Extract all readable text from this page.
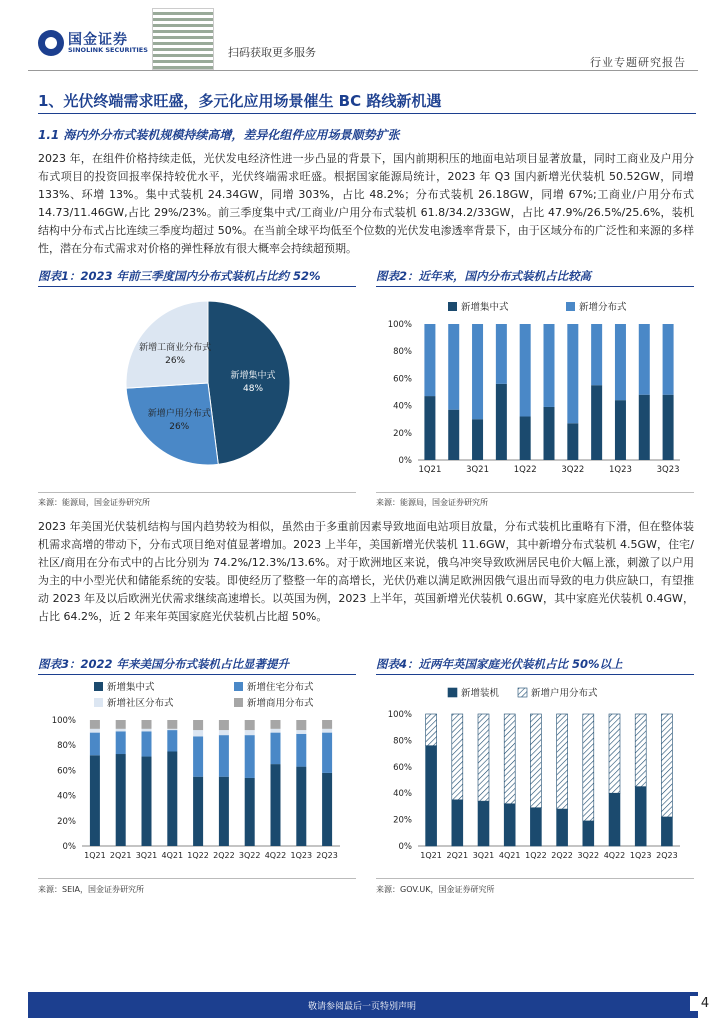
国金证券
SINOLINK SECURITIES	扫码获取更多服务
行业专题研究报告
1、光伏终端需求旺盛，多元化应用场景催生 BC 路线新机遇
1.1 海内外分布式装机规模持续高增，差异化组件应用场景顺势扩张
2023 年，在组件价格持续走低，光伏发电经济性进一步凸显的背景下，国内前期积压的地面电站项目显著放量，同时工商业及户用分布式项目的投资回报率保持较优水平，光伏终端需求旺盛。根据国家能源局统计，2023 年 Q3 国内新增光伏装机 50.52GW，同增 133%、环增 13%。集中式装机 24.34GW，同增 303%，占比 48.2%；分布式装机 26.18GW，同增 67%;工商业/户用分布式 14.73/11.46GW,占比 29%/23%。前三季度集中式/工商业/户用分布式装机 61.8/34.2/33GW，占比 47.9%/26.5%/25.6%，装机结构中分布式占比连续三季度均超过 50%。在当前全球平均低至个位数的光伏发电渗透率背景下，由于区域分布的广泛性和来源的多样性，潜在分布式需求对价格的弹性释放有很大概率会持续超预期。
图表1：2023 年前三季度国内分布式装机占比约 52%	图表2：近年来，国内分布式装机占比较高
新增集中式
48%
新增户用分布式
26%
新增工商业分布式
26%
0%
20%
40%
60%
80%
100%
1Q21	3Q21	1Q22	3Q22	1Q23	3Q23
新增集中式	新增分布式
来源：能源局，国金证券研究所	来源：能源局，国金证券研究所
2023 年美国光伏装机结构与国内趋势较为相似，虽然由于多重前因素导致地面电站项目放量，分布式装机比重略有下滑，但在整体装机需求高增的带动下，分布式项目绝对值显著增加。2023 上半年，美国新增光伏装机 11.6GW，其中新增分布式装机 4.5GW，住宅/社区/商用在分布式中的占比分别为 74.2%/12.3%/13.6%。对于欧洲地区来说，俄乌冲突导致欧洲居民电价大幅上涨，刺激了以户用为主的中小型光伏和储能系统的安装。即使经历了整整一年的高增长，光伏仍难以满足欧洲因俄气退出而导致的电力供应缺口，有望推动 2023 年及以后欧洲光伏需求继续高速增长。以英国为例，2023 上半年，英国新增光伏装机 0.6GW，其中家庭光伏装机 0.4GW，占比 64.2%，近 2 年来年英国家庭光伏装机占比超 50%。
图表3：2022 年来美国分布式装机占比显著提升	图表4：近两年英国家庭光伏装机占比 50%以上
0%
20%
40%
60%
80%
100%
1Q21 2Q21 3Q21 4Q21 1Q22 2Q22 3Q22 4Q22 1Q23 2Q23
新增集中式	新增住宅分布式
新增社区分布式	新增商用分布式
0%
20%
40%
60%
80%
100%
1Q21 2Q21 3Q21 4Q21 1Q22 2Q22 3Q22 4Q22 1Q23 2Q23
新增装机	新增户用分布式
来源：SEIA，国金证券研究所	来源：GOV.UK，国金证券研究所
敬请参阅最后一页特别声明	4
